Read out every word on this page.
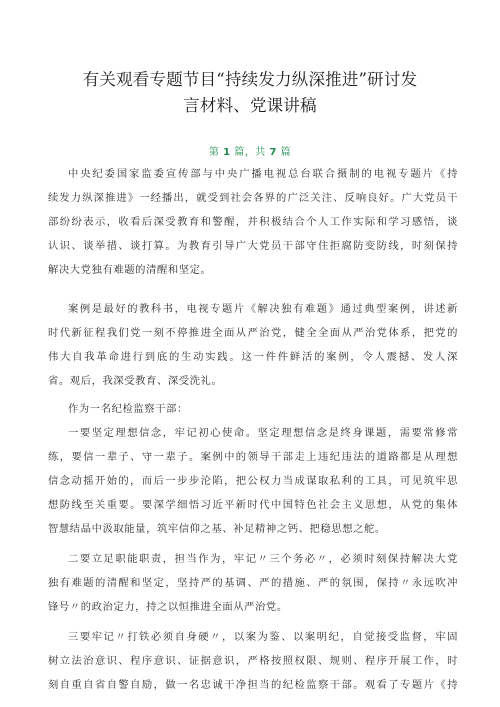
有关观看专题节目“持续发力纵深推进”研讨发
言材料、党课讲稿
第 1 篇，共 7 篇
中央纪委国家监委宣传部与中央广播电视总台联合摄制的电视专题片《持
续发力纵深推进》一经播出，就受到社会各界的广泛关注、反响良好。广大党员干
部纷纷表示，收看后深受教育和警醒，并积极结合个人工作实际和学习感悟，谈
认识、谈举措、谈打算。为教育引导广大党员干部守住拒腐防变防线，时刻保持
解决大党独有难题的清醒和坚定。
案例是最好的教科书，电视专题片《解决独有难题》通过典型案例，讲述新
时代新征程我们党一刻不停推进全面从严治党，健全全面从严治党体系，把党的
伟大自我革命进行到底的生动实践。这一件件鲜活的案例，令人震撼、发人深
省。观后，我深受教育、深受洗礼。
作为一名纪检监察干部：
一要坚定理想信念，牢记初心使命。坚定理想信念是终身课题，需要常修常
练，要信一辈子、守一辈子。案例中的领导干部走上违纪违法的道路都是从理想
信念动摇开始的，而后一步步沦陷，把公权力当成谋取私利的工具，可见筑牢思
想防线至关重要。要深学细悟习近平新时代中国特色社会主义思想，从党的集体
智慧结晶中汲取能量，筑牢信仰之基、补足精神之钙、把稳思想之舵。
二要立足职能职责，担当作为，牢记〃三个务必〃，必须时刻保持解决大党
独有难题的清醒和坚定，坚持严的基调、严的措施、严的氛围，保持〃永远吹冲
锋号〃的政治定力，持之以恒推进全面从严治党。
三要牢记〃打铁必须自身硬〃，以案为鉴、以案明纪，自觉接受监督，牢固
树立法治意识、程序意识、证据意识，严格按照权限、规则、程序开展工作，时
刻自重自省自警自励，做一名忠诚干净担当的纪检监察干部。观看了专题片《持
